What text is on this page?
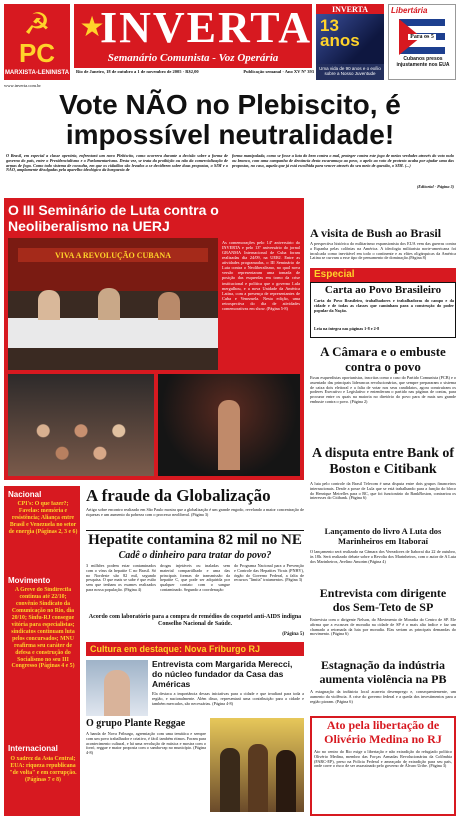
☭
PC
MARXISTA-LENINISTA
★
INVERTA
Semanário Comunista - Voz Operária
Rio de Janeiro, 18 de outubro a 1 de novembro de 2005 · R$2,00	Publicação semanal · Ano XV Nº 393
www.inverta.com.br
INVERTA
13 anos
Uma vida de 90 anos e o exílio sobre a Nosso Juventude
Libertária
Para os 5
Cubanos presos injustamente nos EUA
Vote NÃO no Plebiscito, é impossível neutralidade!
O Brasil, em especial a classe operária, enfrentará um novo Plebiscito, como ocorrera durante a decisão sobre a forma de governo do país, entre o Presidencialismo e o Parlamentarismo. Desta vez, se trata da proibição ou não da comercialização de armas de fogo. Como todo sistema de consulta, em que os cidadãos são levados a se decidirem sobre duas propostas, o SIM e o NÃO, amplamente divulgadas pela aparelho ideológico da burguesia de
forma manipulada, como se fosse a luta do bem contra o mal, proteger contra este jogo de meias verdades através do voto nulo ou branco, com uma campanha de denúncia desta escaramuça ao povo, o apelo ao voto de protesto acaba por ajudar uma das propostas, no caso, aquela que já está escolhida para vencer através do seu meio de questão, o SIM. (...)
(Editorial - Página 3)
O III Seminário de Luta contra o Neoliberalismo na UERJ
VIVA A REVOLUÇÃO CUBANA
As comemorações pelo 14º aniversário do INVERTA e pelo 13º aniversário do jornal GRANMA Internacional de Cuba foram realizadas dia 24/09, na UERJ. Entre as atividades programadas, o III Seminário de Luta contra o Neoliberalismo, no qual nova versão representaram uma tomada de posição das esquerdas em torno da crise institucional e política que o governo Lula mergulhou, e a nova Unidade da América Latina, com a presença de representantes de Cuba e Venezuela. Nesta edição, uma retrospectiva do dia de atividades comemorativas em show. (Página 5-8)
A visita de Bush ao Brasil
A perspectiva histórica do militarismo expansionista dos EUA vem das guerras contra a Espanha pelas colônias na América. A ideologia militarista norte-americana foi inculcada como inevitável em todo o continente e as elites oligárquicas da América Latina se curvam a esse tipo de pensamento de dominação.(Página 8)
Especial
Carta ao Povo Brasileiro
Carta do Povo Brasileiro, trabalhadores e trabalhadoras do campo e da cidade e de todas as classes que caminham para a construção do poder popular da Nação.
Leia na íntegra nas páginas 1-8 e 2-8
A Câmara e o embuste contra o povo
Essas esquerdistas oportunistas, inscritas como o caso do Partido Comunista (PCB) e o assentado das principais liderancas revolucionárias, que sempre prepararam o sistema de caixa dois eleitoral e a falta de votar nos seus candidatos, agora construíram os poderes Executivo e Legislativo e entenderam o partido nas páginas de contas, para procurar entre os quais na maioria no diretório do povo para de mais um grande embuste contra o povo. (Página 2)
A disputa entre Bank of Boston e Citibank
A luta pelo controle da Brasil Telecom é uma disputa entre dois grupos financeiros internacionais. Desde a posse de Lula que se está trabalhando para a função do bloco do Henrique Meirelles para o BC, que foi funcionário do BankBoston, contrariou os interesses do Citibank. (Página 6)
Nacional
CPI's: O que fazer?; Favelas: memória e resistência; Aliança entre Brasil e Venezuela no setor de energia (Páginas 2, 3 e 6)
Movimento
A Greve do Sindirecifa continua até 22/10; convênio Sindicato da Comunicação no Rio, dia 20/10; Sinfu-RJ consegue vitória para especialistas; sindicatos continuam luta pelos concursados; MNU reafirma seu caráter de defesa e construção do Socialismo no seu III Congresso (Páginas 4 e 5)
Internacional
O xadrez da Ásia Central; EUA: riqueza republicana "de volta" e em corrupção. (Páginas 7 e 8)
A fraude da Globalização
Artigo sobre encontro realizado em São Paulo mostra que a globalização é um grande engodo, revelando a maior concentração de riquezas e um aumento da pobreza com o processo neoliberal. (Página 3)
Hepatite contamina 82 mil no NE
Cadê o dinheiro para tratar do povo?
3 milhões podem estar contaminados com o vírus da hepatite C no Brasil. Só no Nordeste são 82 mil, segundo pesquisa. O que mais se sabe é que estão sem que tenham os exames realizados para nossa população. (Página 4)
drogas injetáveis ou inaladas sem material compartilhado e uma das principais formas de transmissão da hepatite C, que pode ser adquirida por qualquer contato com o sangue contaminado. Segundo a coordenação
do Programa Nacional para a Prevenção e Controle das Hepatites Virais (PNHV), órgão do Governo Federal, a falta de recursos "limita" tratamentos. (Página 3)
Acordo com laboratório para a compra de remédios do coquetel anti-AIDS indigna Conselho Nacional de Saúde.
(Página 5)
Cultura em destaque: Nova Friburgo RJ
Entrevista com Margarida Merecci, do núcleo fundador da Casa das Américas
Ela destaca a importância dessas iniciativas para a cidade e que irradiará para toda a região, e nacionalmente. Além disso, representará uma contribuição para a cidade e também mercados, são necessárias. (Página 4-8)
O grupo Plante Reggae
A banda de Nova Friburgo, agremiação com uma temática e sempre com um povo trabalhador e criativo, é fácil também ritmos. Foram para acontecimento cultural, e há uma revolução de música e mostra com o forró, reggae e maior proposta com o samba-rap no município. (Página 4-8)
Lançamento do livro A Luta dos Marinheiros em Itaboraí
O lançamento será realizado na Câmara dos Vereadores de Itaboraí dia 22 de outubro, às 18h. Será realizado debate sobre a Revolta dos Marinheiros, com o autor de A Luta dos Marinheiros, Avelino Amorim (Página 4)
Entrevista com dirigente dos Sem-Teto de SP
Entrevista com o dirigente Nelson, do Movimento de Moradia do Centro de SP. Ele afirma que a escassez de moradia na cidade de SP é o mais alto índice e faz um chamado a retomada da luta por moradia. Elas seriam as principais demandas do movimento. (Página 6)
Estagnação da indústria aumenta violência na PB
A estagnação da indústria local acarreta desemprego e, consequentemente, um aumento da violência. A crise do governo federal e a queda dos investimentos para a região pioram. (Página 6)
Ato pela libertação de Olivério Medina no RJ
Ato no centro do Rio exige a libertação e não extradição do refugiado político Olivério Medina, membro das Forças Armadas Revolucionárias da Colômbia (FARC-EP), preso na Polícia Federal e ameaçado de extradição para seu país, onde corre o risco de ser assassinado pelo governo de Álvaro Uribe. (Página 3)
